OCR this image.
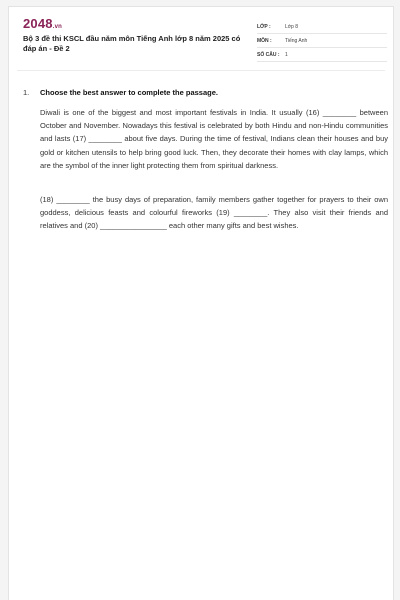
2048.vn
Bộ 3 đề thi KSCL đầu năm môn Tiếng Anh lớp 8 năm 2025 có đáp án - Đề 2
LỚP :	Lớp 8
MÔN :	Tiếng Anh
SỐ CÂU : 1
1. Choose the best answer to complete the passage.

Diwali is one of the biggest and most important festivals in India. It usually (16) ________ between October and November. Nowadays this festival is celebrated by both Hindu and non-Hindu communities and lasts (17) ________ about five days. During the time of festival, Indians clean their houses and buy gold or kitchen utensils to help bring good luck. Then, they decorate their homes with clay lamps, which are the symbol of the inner light protecting them from spiritual darkness.

(18) ________ the busy days of preparation, family members gather together for prayers to their own goddess, delicious feasts and colourful fireworks (19) ________. They also visit their friends and relatives and (20) ________________ each other many gifts and best wishes.
